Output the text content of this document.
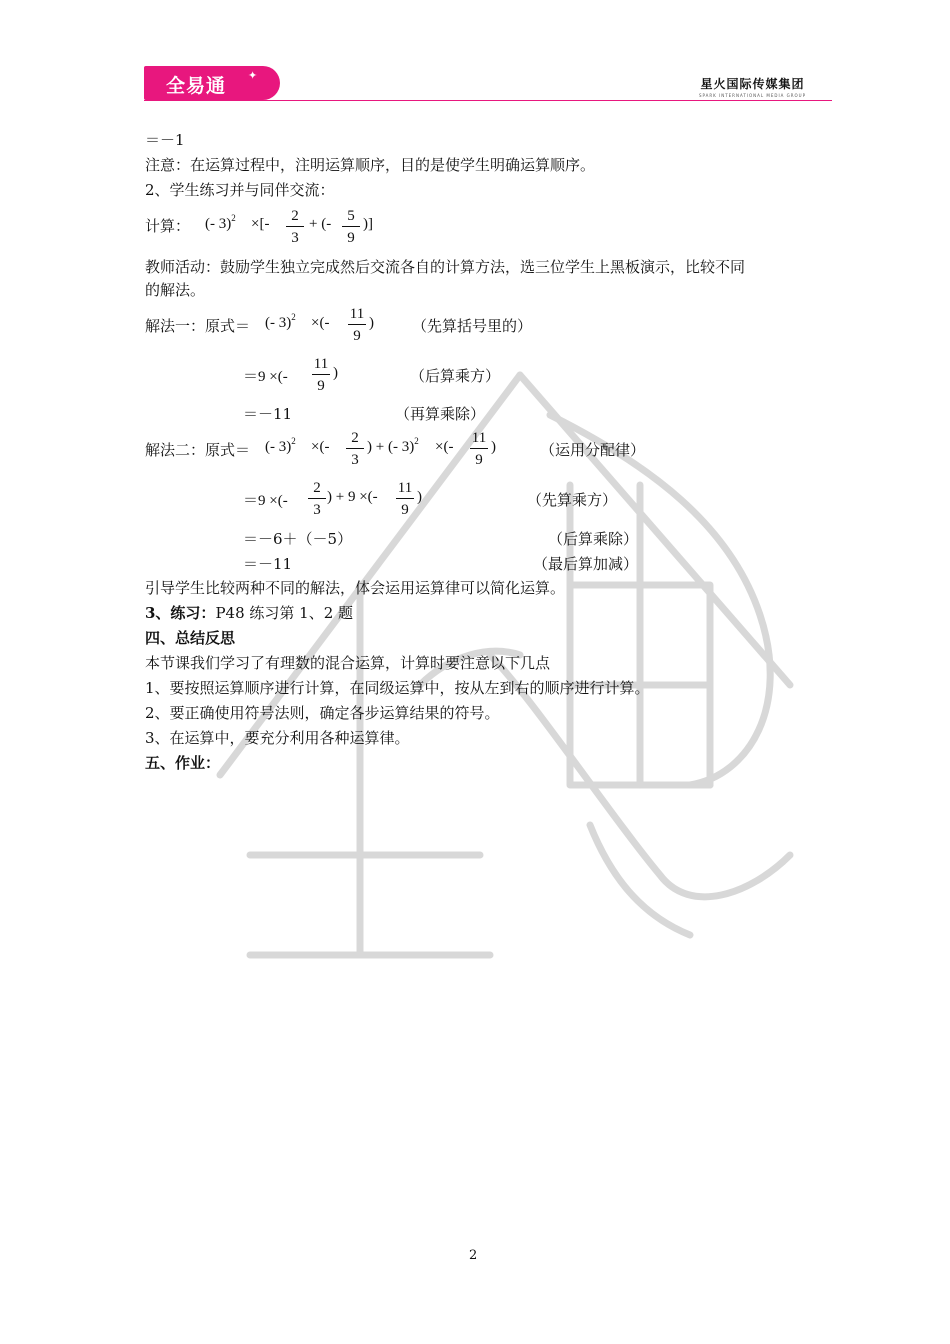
全易通 ✦
星火国际传媒集团
SPARK INTERNATIONAL MEDIA GROUP
＝－1
注意：在运算过程中，注明运算顺序，目的是使学生明确运算顺序。
2、学生练习并与同伴交流：
计算： (- 3)$^2$ ×[-	2
3
+ (-	5
9
)]
教师活动：鼓励学生独立完成然后交流各自的计算方法，选三位学生上黑板演示，比较不同
的解法。
解法一：原式＝ (- 3)$^2$ ×(-
11
9
)	（先算括号里的）
＝9 ×(-
11
9
)	（后算乘方）
＝－11	（再算乘除）
解法二：原式＝ (- 3)$^2$ ×(-
2
3
) + (- 3)$^2$ ×(-
11
9
)	（运用分配律）
＝9 ×(-
2
3
) + 9 ×(-
11
9
)	（先算乘方）
＝－6＋（－5）	（后算乘除）
＝－11	（最后算加减）
引导学生比较两种不同的解法，体会运用运算律可以简化运算。
3、练习：P48 练习第 1、2 题
四、总结反思
本节课我们学习了有理数的混合运算，计算时要注意以下几点
1、要按照运算顺序进行计算，在同级运算中，按从左到右的顺序进行计算。
2、要正确使用符号法则，确定各步运算结果的符号。
3、在运算中，要充分利用各种运算律。
五、作业：
2
